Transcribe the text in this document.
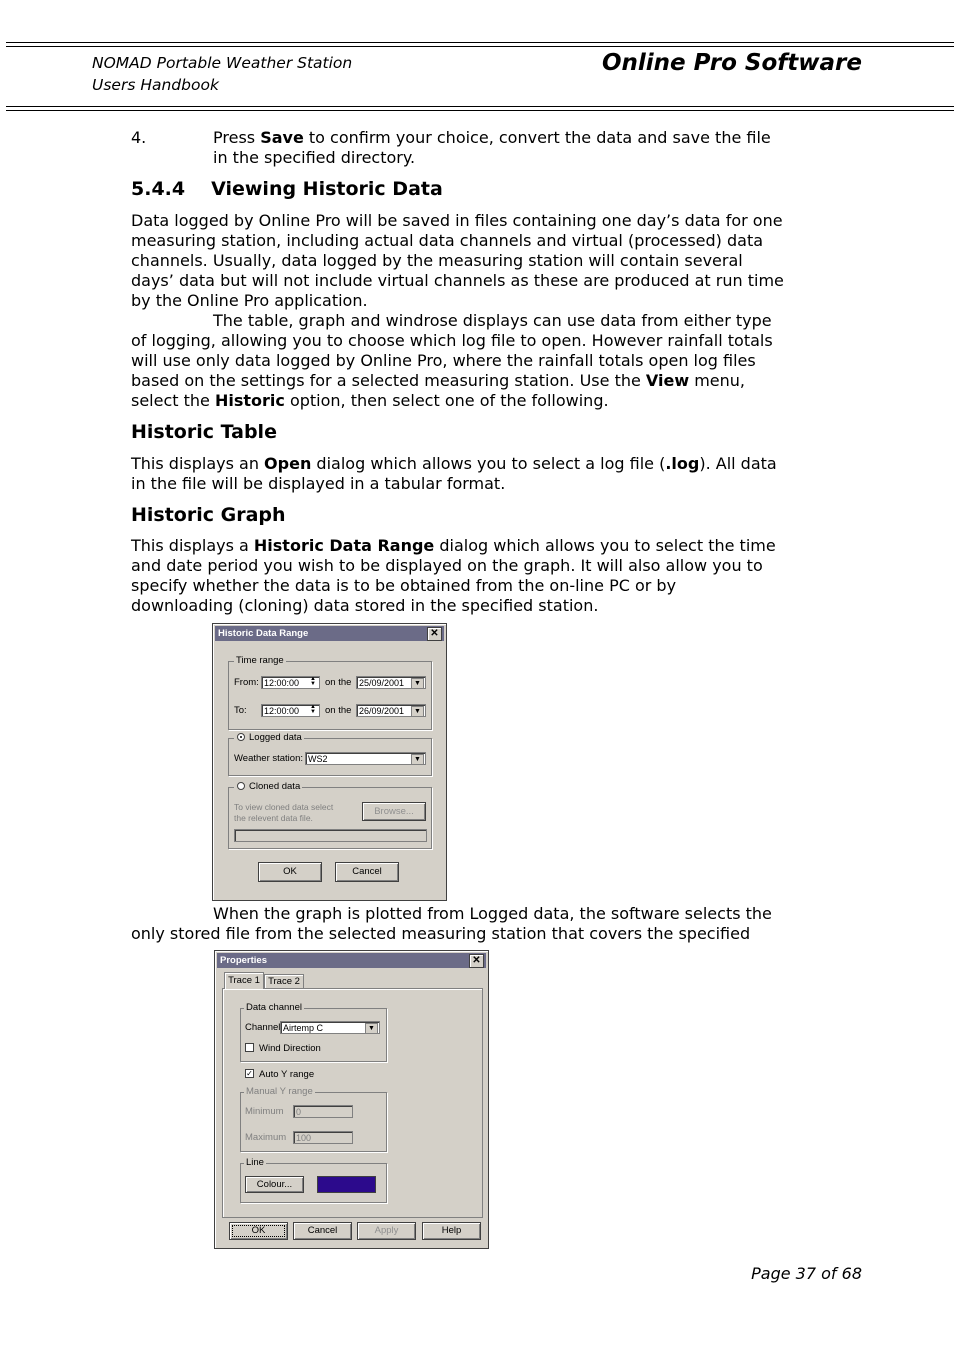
NOMAD Portable Weather Station
Users Handbook
Online Pro Software
4.	Press Save to confirm your choice, convert the data and save the file
in the specified directory.
5.4.4 Viewing Historic Data
Data logged by Online Pro will be saved in files containing one day’s data for one
measuring station, including actual data channels and virtual (processed) data
channels. Usually, data logged by the measuring station will contain several
days’ data but will not include virtual channels as these are produced at run time
by the Online Pro application.
The table, graph and windrose displays can use data from either type
of logging, allowing you to choose which log file to open. However rainfall totals
will use only data logged by Online Pro, where the rainfall totals open log files
based on the settings for a selected measuring station. Use the View menu,
select the Historic option, then select one of the following.
Historic Table
This displays an Open dialog which allows you to select a log file (.log). All data
in the file will be displayed in a tabular format.
Historic Graph
This displays a Historic Data Range dialog which allows you to select the time
and date period you wish to be displayed on the graph. It will also allow you to
specify whether the data is to be obtained from the on-line PC or by
downloading (cloning) data stored in the specified station.
Historic Data Range	✕
Time range
From: 12:00:00	▲
▼ on the 25/09/2001	▼
To:	12:00:00	▲
▼ on the 26/09/2001	▼
Logged data
Weather station: WS2	▼
Cloned data
To view cloned data select
the relevent data file.
Browse...
OK	Cancel
When the graph is plotted from Logged data, the software selects the
only stored file from the selected measuring station that covers the specified
Properties	✕
Trace 1 Trace 2
Data channel
Channel Airtemp C	▼
Wind Direction
✓ Auto Y range
Manual Y range
Minimum	0
Maximum	100
Line
Colour...
OK	Cancel	Apply	Help
Page 37 of 68
